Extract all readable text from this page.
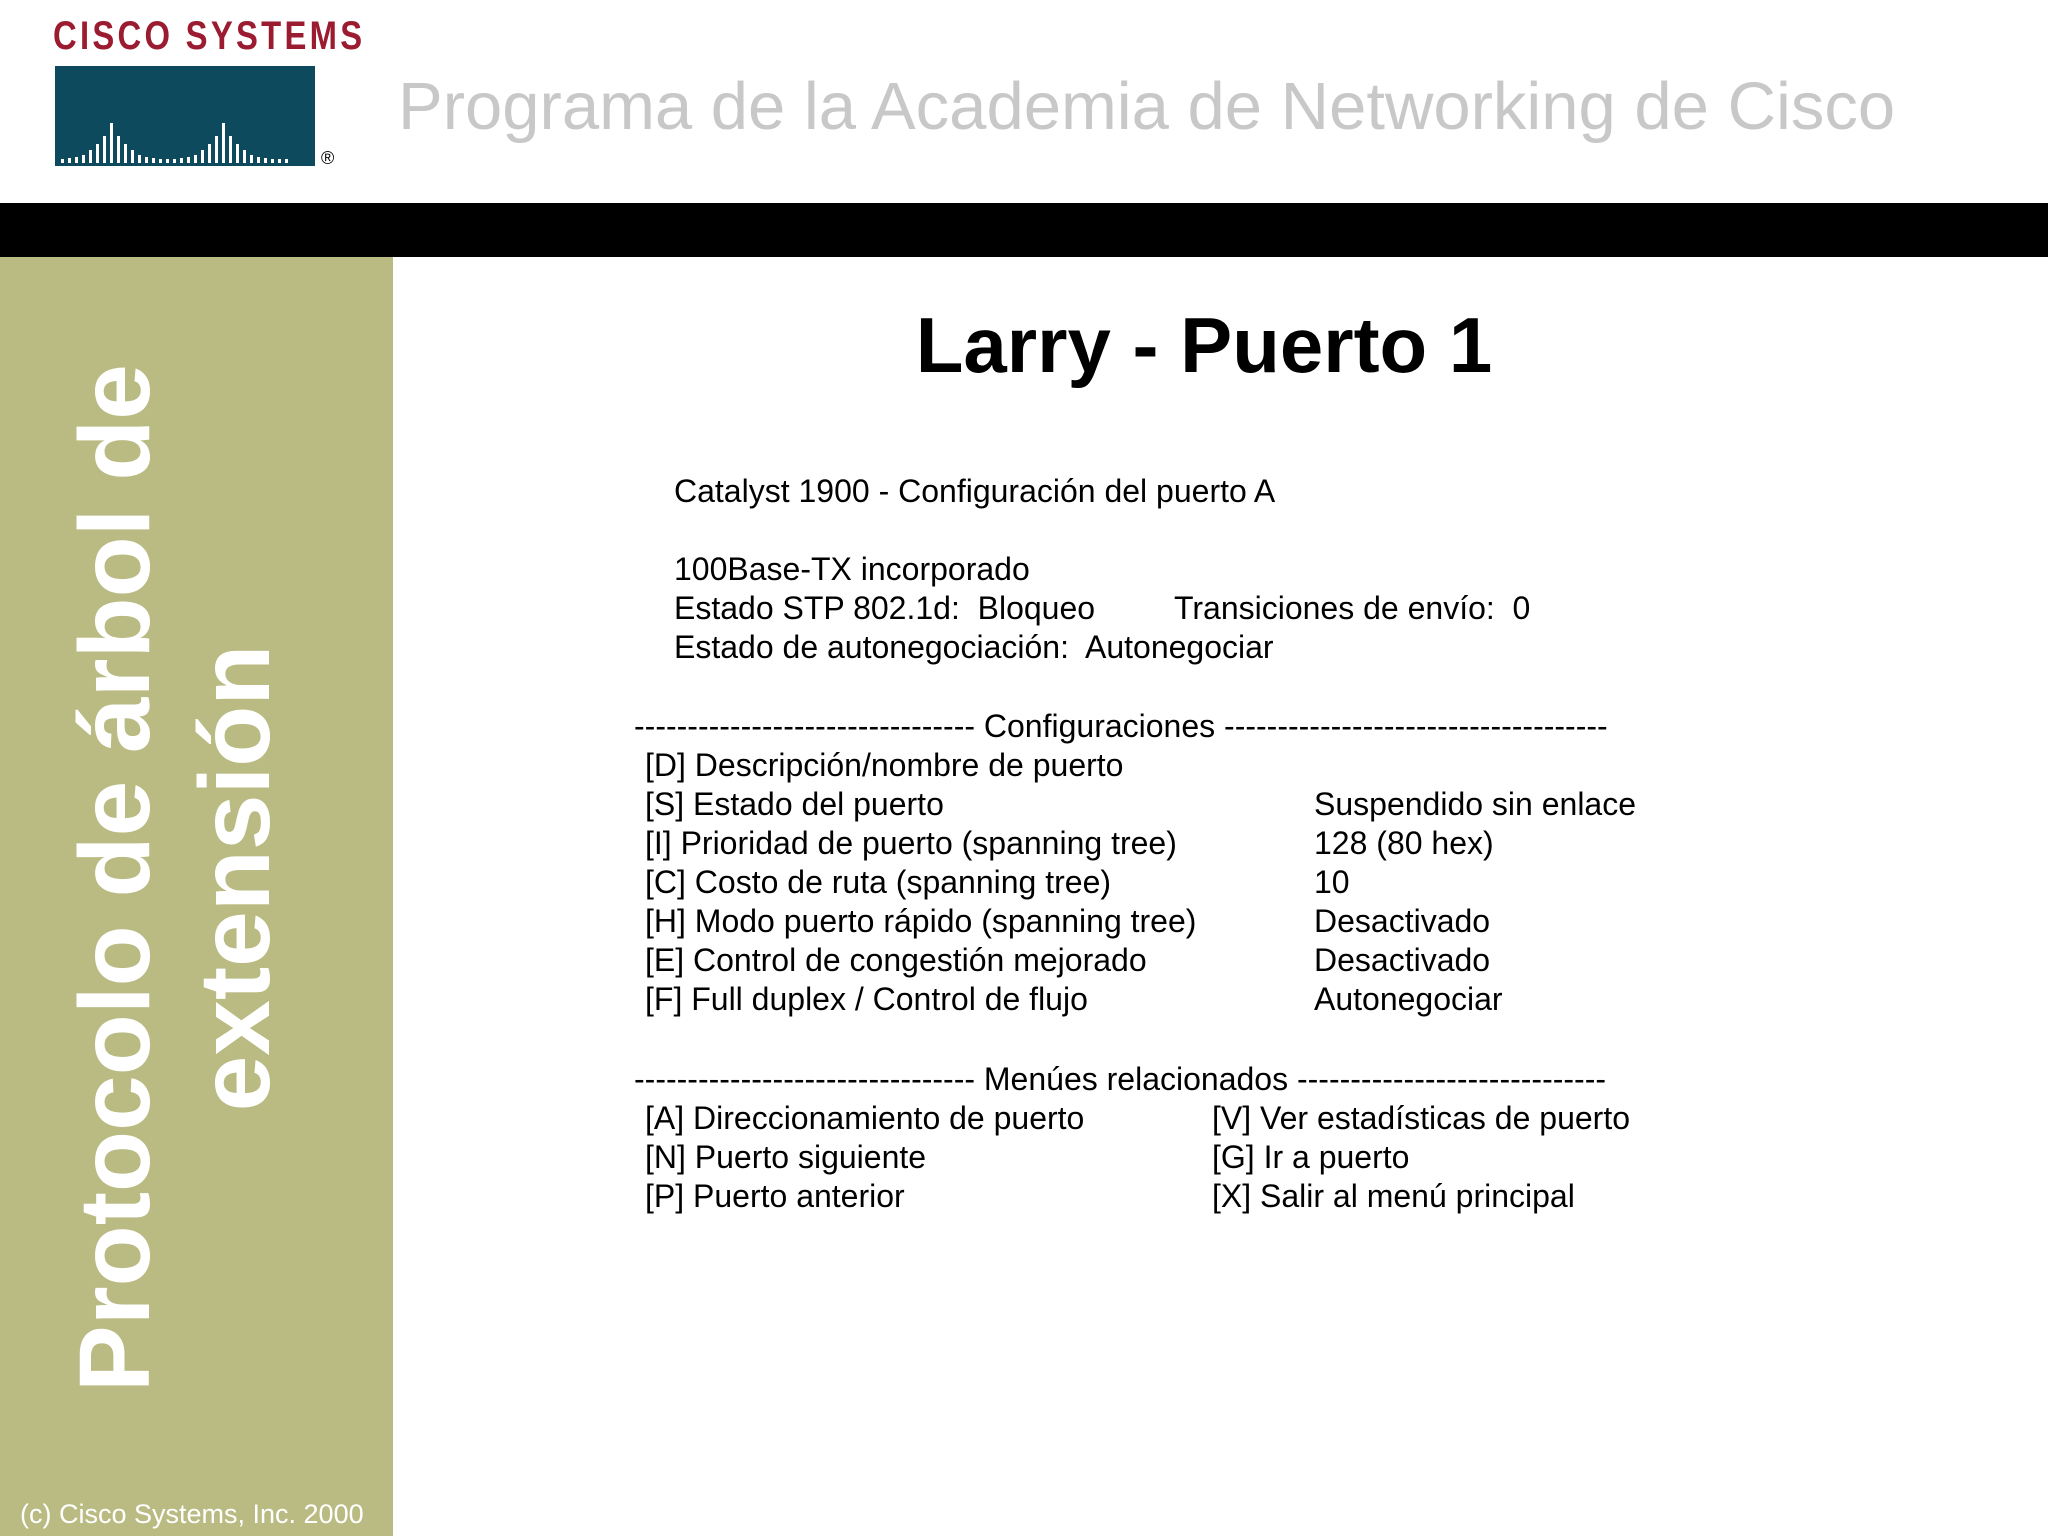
CISCO SYSTEMS
®
Programa de la Academia de Networking de Cisco
Protocolo de árbol de extensión
(c) Cisco Systems, Inc. 2000
Larry - Puerto 1
Catalyst 1900 - Configuración del puerto A
100Base-TX incorporado
Estado STP 802.1d:  Bloqueo Transiciones de envío:  0
Estado de autonegociación:  Autonegociar
-------------------------------- Configuraciones ------------------------------------
[D] Descripción/nombre de puerto
[S] Estado del puerto	Suspendido sin enlace
[I] Prioridad de puerto (spanning tree)	128 (80 hex)
[C] Costo de ruta (spanning tree)	10
[H] Modo puerto rápido (spanning tree)	Desactivado
[E] Control de congestión mejorado	Desactivado
[F] Full duplex / Control de flujo	Autonegociar
-------------------------------- Menúes relacionados -----------------------------
[A] Direccionamiento de puerto	[V] Ver estadísticas de puerto
[N] Puerto siguiente	[G] Ir a puerto
[P] Puerto anterior	[X] Salir al menú principal
